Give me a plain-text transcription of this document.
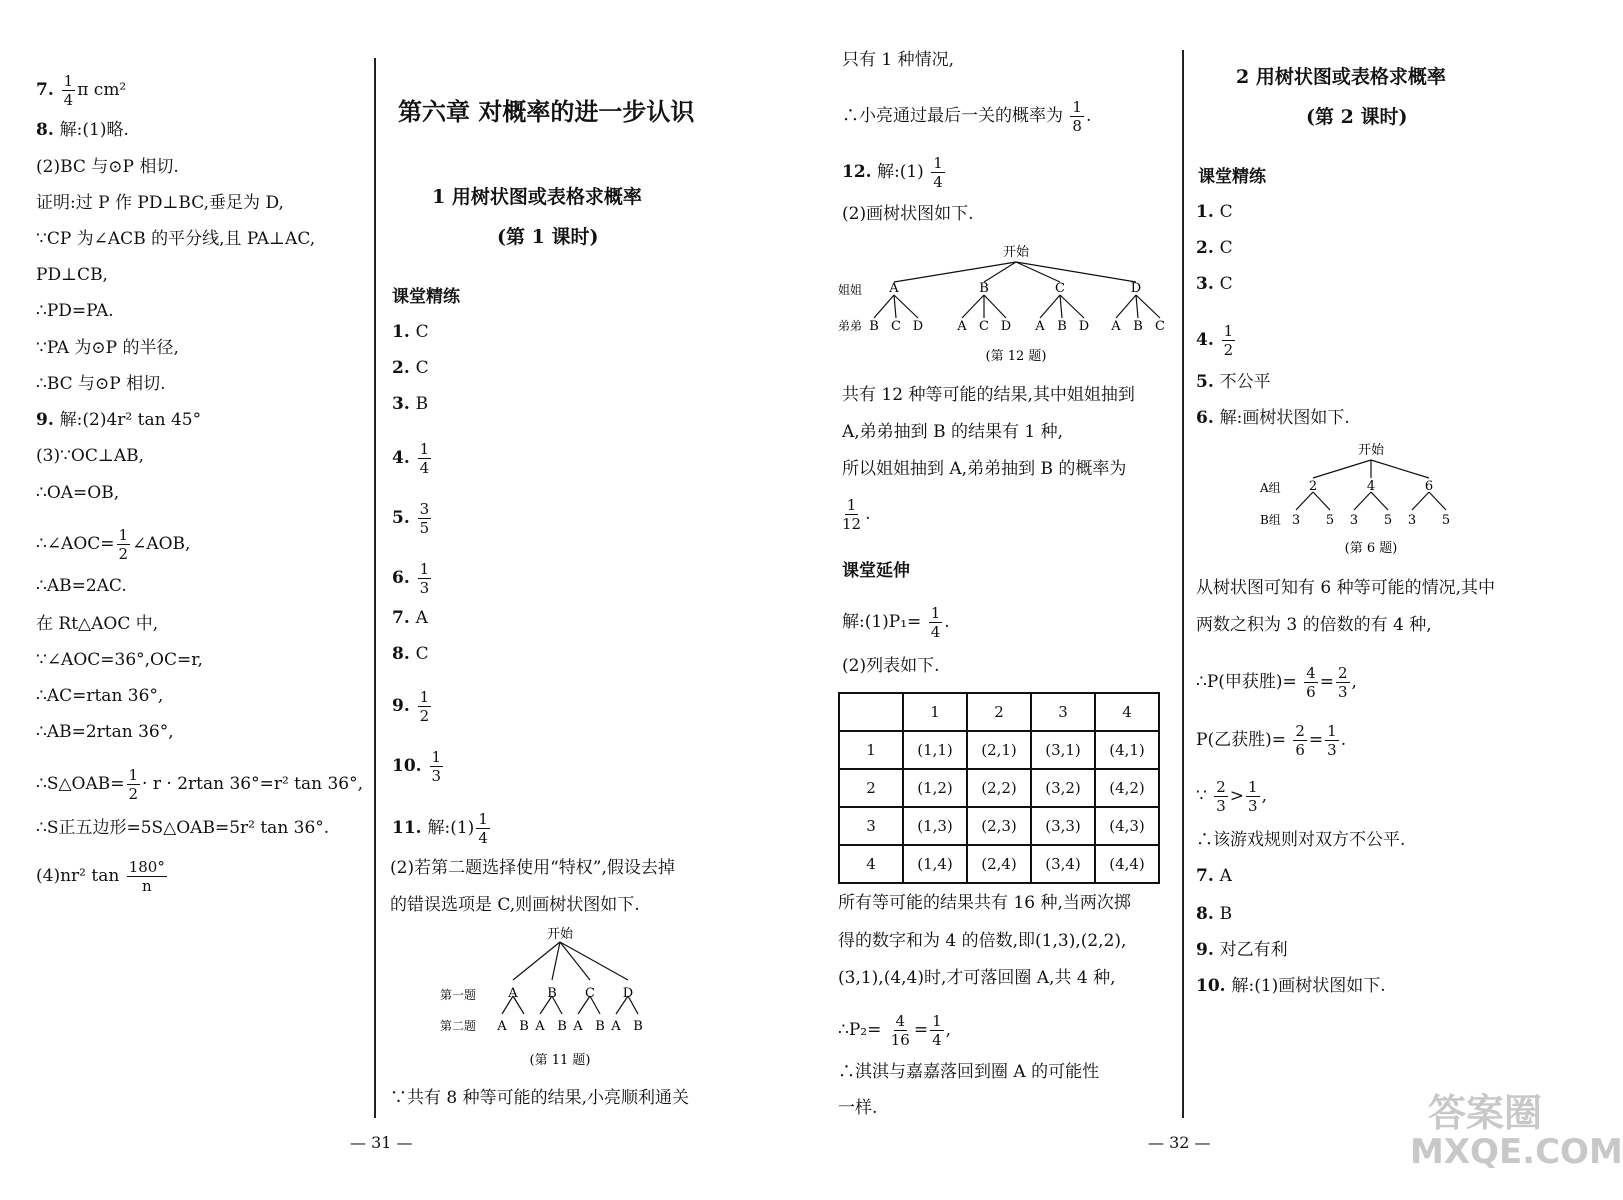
7. $\frac{1}{4}$ π cm²
8. 解:(1)略.
(2)BC 与⊙P 相切.
证明:过 P 作 PD⊥BC,垂足为 D,
∵CP 为∠ACB 的平分线,且 PA⊥AC,
PD⊥CB,
∴PD=PA.
∵PA 为⊙P 的半径,
∴BC 与⊙P 相切.
9. 解:(2)4r² tan 45°
(3)∵OC⊥AB,
∴OA=OB,
∴∠AOC= $\frac{1}{2}$ ∠AOB,
∴AB=2AC.
在 Rt△AOC 中,
∵∠AOC=36°,OC=r,
∴AC=rtan 36°,
∴AB=2rtan 36°,
∴S△OAB= $\frac{1}{2} \cdot r \cdot 2rtan$ 36°=r² tan 36°,
∴S正五边形=5S△OAB=5r² tan 36°.
(4)nr² $\tan \frac{180^\circ}{n}$
第六章 对概率的进一步认识
1 用树状图或表格求概率
(第 1 课时)
课堂精练
1. C
2. C
3. B
4. $\frac{1}{4}$
5. $\frac{3}{5}$
6. $\frac{1}{3}$
7. A
8. C
9. $\frac{1}{2}$
10. $\frac{1}{3}$
11. 解:(1) $\frac{1}{4}$
(2)若第二题选择使用“特权”,假设去掉
的错误选项是 C,则画树状图如下.
开始
第一题 A B C D
第二题 A B A B A B A B
(第 11 题)
∵共有 8 种等可能的结果,小亮顺利通关
— 31 —
只有 1 种情况,
∴小亮通过最后一关的概率为 $\frac{1}{8}$ .
12. 解:(1) $\frac{1}{4}$
(2)画树状图如下.
开始
姐姐 A	B	C	D
弟弟 B C D	A C D A B D A B C
(第 12 题)
共有 12 种等可能的结果,其中姐姐抽到
A,弟弟抽到 B 的结果有 1 种,
所以姐姐抽到 A,弟弟抽到 B 的概率为
$\frac{1}{12}$ .
课堂延伸
解:(1)P₁= $\frac{1}{4}$ .
(2)列表如下.
	1	2	3	4
1	(1,1)	(2,1)	(3,1)	(4,1)
2	(1,2)	(2,2)	(3,2)	(4,2)
3	(1,3)	(2,3)	(3,3)	(4,3)
4	(1,4)	(2,4)	(3,4)	(4,4)
所有等可能的结果共有 16 种,当两次掷
得的数字和为 4 的倍数,即(1,3),(2,2),
(3,1),(4,4)时,才可落回圈 A,共 4 种,
∴P₂= $\frac{4}{16} = \frac{1}{4}$ ,
∴淇淇与嘉嘉落回到圈 A 的可能性
一样.
— 32 —
2 用树状图或表格求概率
(第 2 课时)
课堂精练
1. C
2. C
3. C
4. $\frac{1}{2}$
5. 不公平
6. 解:画树状图如下.
开始
A组 2	4	6
B组 3 5 3 5 3 5
(第 6 题)
从树状图可知有 6 种等可能的情况,其中
两数之积为 3 的倍数的有 4 种,
∴P(甲获胜)= $\frac{4}{6} = \frac{2}{3}$ ,
P(乙获胜)= $\frac{2}{6} = \frac{1}{3}$ .
∵ $\frac{2}{3} > \frac{1}{3}$ ,
∴该游戏规则对双方不公平.
7. A
8. B
9. 对乙有利
10. 解:(1)画树状图如下.
答案圈
MXQE.COM
